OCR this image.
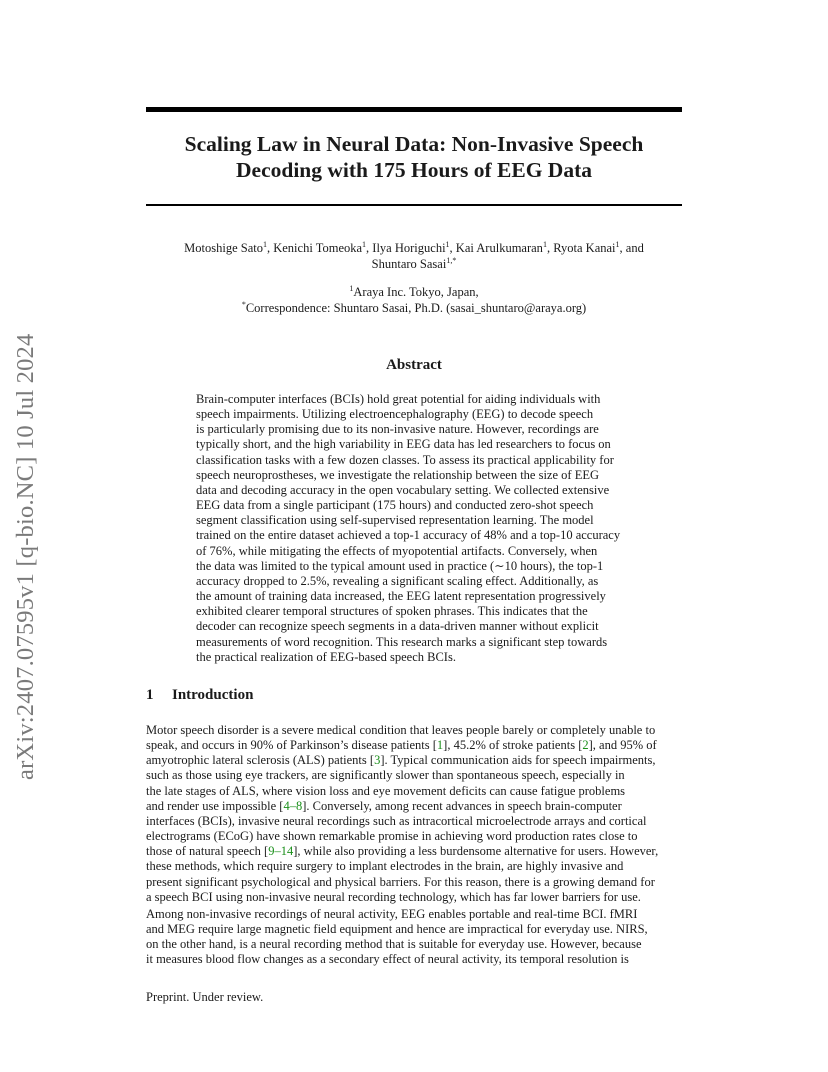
arXiv:2407.07595v1 [q-bio.NC] 10 Jul 2024
Scaling Law in Neural Data: Non-Invasive Speech
Decoding with 175 Hours of EEG Data
Motoshige Sato$^1$, Kenichi Tomeoka$^1$, Ilya Horiguchi$^1$, Kai Arulkumaran$^1$, Ryota Kanai$^1$, and
Shuntaro Sasai$^{1,*}$
$^1$Araya Inc. Tokyo, Japan,
*Correspondence: Shuntaro Sasai, Ph.D. (sasai_shuntaro@araya.org)
Abstract
Brain-computer interfaces (BCIs) hold great potential for aiding individuals with
speech impairments. Utilizing electroencephalography (EEG) to decode speech
is particularly promising due to its non-invasive nature. However, recordings are
typically short, and the high variability in EEG data has led researchers to focus on
classification tasks with a few dozen classes. To assess its practical applicability for
speech neuroprostheses, we investigate the relationship between the size of EEG
data and decoding accuracy in the open vocabulary setting. We collected extensive
EEG data from a single participant (175 hours) and conducted zero-shot speech
segment classification using self-supervised representation learning. The model
trained on the entire dataset achieved a top-1 accuracy of 48% and a top-10 accuracy
of 76%, while mitigating the effects of myopotential artifacts. Conversely, when
the data was limited to the typical amount used in practice (∼10 hours), the top-1
accuracy dropped to 2.5%, revealing a significant scaling effect. Additionally, as
the amount of training data increased, the EEG latent representation progressively
exhibited clearer temporal structures of spoken phrases. This indicates that the
decoder can recognize speech segments in a data-driven manner without explicit
measurements of word recognition. This research marks a significant step towards
the practical realization of EEG-based speech BCIs.
1 Introduction
Motor speech disorder is a severe medical condition that leaves people barely or completely unable to
speak, and occurs in 90% of Parkinson’s disease patients [1], 45.2% of stroke patients [2], and 95% of
amyotrophic lateral sclerosis (ALS) patients [3]. Typical communication aids for speech impairments,
such as those using eye trackers, are significantly slower than spontaneous speech, especially in
the late stages of ALS, where vision loss and eye movement deficits can cause fatigue problems
and render use impossible [4–8]. Conversely, among recent advances in speech brain-computer
interfaces (BCIs), invasive neural recordings such as intracortical microelectrode arrays and cortical
electrograms (ECoG) have shown remarkable promise in achieving word production rates close to
those of natural speech [9–14], while also providing a less burdensome alternative for users. However,
these methods, which require surgery to implant electrodes in the brain, are highly invasive and
present significant psychological and physical barriers. For this reason, there is a growing demand for
a speech BCI using non-invasive neural recording technology, which has far lower barriers for use.
Among non-invasive recordings of neural activity, EEG enables portable and real-time BCI. fMRI
and MEG require large magnetic field equipment and hence are impractical for everyday use. NIRS,
on the other hand, is a neural recording method that is suitable for everyday use. However, because
it measures blood flow changes as a secondary effect of neural activity, its temporal resolution is
Preprint. Under review.
